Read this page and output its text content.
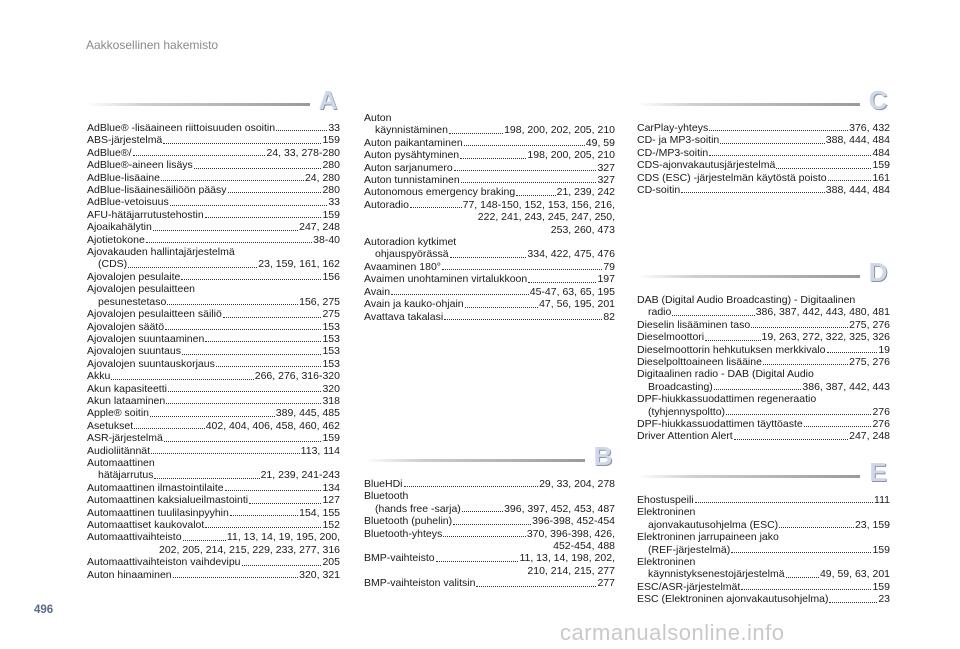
Aakkosellinen hakemisto
A
AdBlue® -lisäaineen riittoisuuden osoitin	33
ABS-järjestelmä	159
AdBlue®/	24, 33, 278-280
AdBlue®-aineen lisäys	280
AdBlue-lisäaine	24, 280
AdBlue-lisäainesäiliöön pääsy	280
AdBlue-vetoisuus	33
AFU-hätäjarrutustehostin	159
Ajoaikahälytin	247, 248
Ajotietokone	38-40
Ajovakauden hallintajärjestelmä
(CDS)	23, 159, 161, 162
Ajovalojen pesulaite	156
Ajovalojen pesulaitteen
pesunestetaso	156, 275
Ajovalojen pesulaitteen säiliö	275
Ajovalojen säätö	153
Ajovalojen suuntaaminen	153
Ajovalojen suuntaus	153
Ajovalojen suuntauskorjaus	153
Akku	266, 276, 316-320
Akun kapasiteetti	320
Akun lataaminen	318
Apple® soitin	389, 445, 485
Asetukset	402, 404, 406, 458, 460, 462
ASR-järjestelmä	159
Audioliitännät	113, 114
Automaattinen
hätäjarrutus	21, 239, 241-243
Automaattinen ilmastointilaite	134
Automaattinen kaksialueilmastointi	127
Automaattinen tuulilasinpyyhin	154, 155
Automaattiset kaukovalot	152
Automaattivaihteisto	11, 13, 14, 19, 195, 200,
202, 205, 214, 215, 229, 233, 277, 316
Automaattivaihteiston vaihdevipu	205
Auton hinaaminen	320, 321
Auton
käynnistäminen	198, 200, 202, 205, 210
Auton paikantaminen	49, 59
Auton pysähtyminen	198, 200, 205, 210
Auton sarjanumero	327
Auton tunnistaminen	327
Autonomous emergency braking	21, 239, 242
Autoradio	77, 148-150, 152, 153, 156, 216,
222, 241, 243, 245, 247, 250,
253, 260, 473
Autoradion kytkimet
ohjauspyörässä	334, 422, 475, 476
Avaaminen 180°	79
Avaimen unohtaminen virtalukkoon	197
Avain	45-47, 63, 65, 195
Avain ja kauko-ohjain	47, 56, 195, 201
Avattava takalasi	82
B
BlueHDi	29, 33, 204, 278
Bluetooth
(hands free -sarja)	396, 397, 452, 453, 487
Bluetooth (puhelin)	396-398, 452-454
Bluetooth-yhteys	370, 396-398, 426,
452-454, 488
BMP-vaihteisto	11, 13, 14, 198, 202,
210, 214, 215, 277
BMP-vaihteiston valitsin	277
C
CarPlay-yhteys	376, 432
CD- ja MP3-soitin	388, 444, 484
CD-/MP3-soitin	484
CDS-ajonvakautusjärjestelmä	159
CDS (ESC) -järjestelmän käytöstä poisto	161
CD-soitin	388, 444, 484
D
DAB (Digital Audio Broadcasting) - Digitaalinen
radio	386, 387, 442, 443, 480, 481
Dieselin lisääminen taso	275, 276
Dieselmoottori	19, 263, 272, 322, 325, 326
Dieselmoottorin hehkutuksen merkkivalo	19
Dieselpolttoaineen lisääine	275, 276
Digitaalinen radio - DAB (Digital Audio
Broadcasting)	386, 387, 442, 443
DPF-hiukkassuodattimen regeneraatio
(tyhjennyspoltto)	276
DPF-hiukkassuodattimen täyttöaste	276
Driver Attention Alert	247, 248
E
Ehostuspeili	111
Elektroninen
ajonvakautusohjelma (ESC)	23, 159
Elektroninen jarrupaineen jako
(REF-järjestelmä)	159
Elektroninen
käynnistyksenestojärjestelmä	49, 59, 63, 201
ESC/ASR-järjestelmät	159
ESC (Elektroninen ajonvakautusohjelma)	23
496
carmanualsonline.info
